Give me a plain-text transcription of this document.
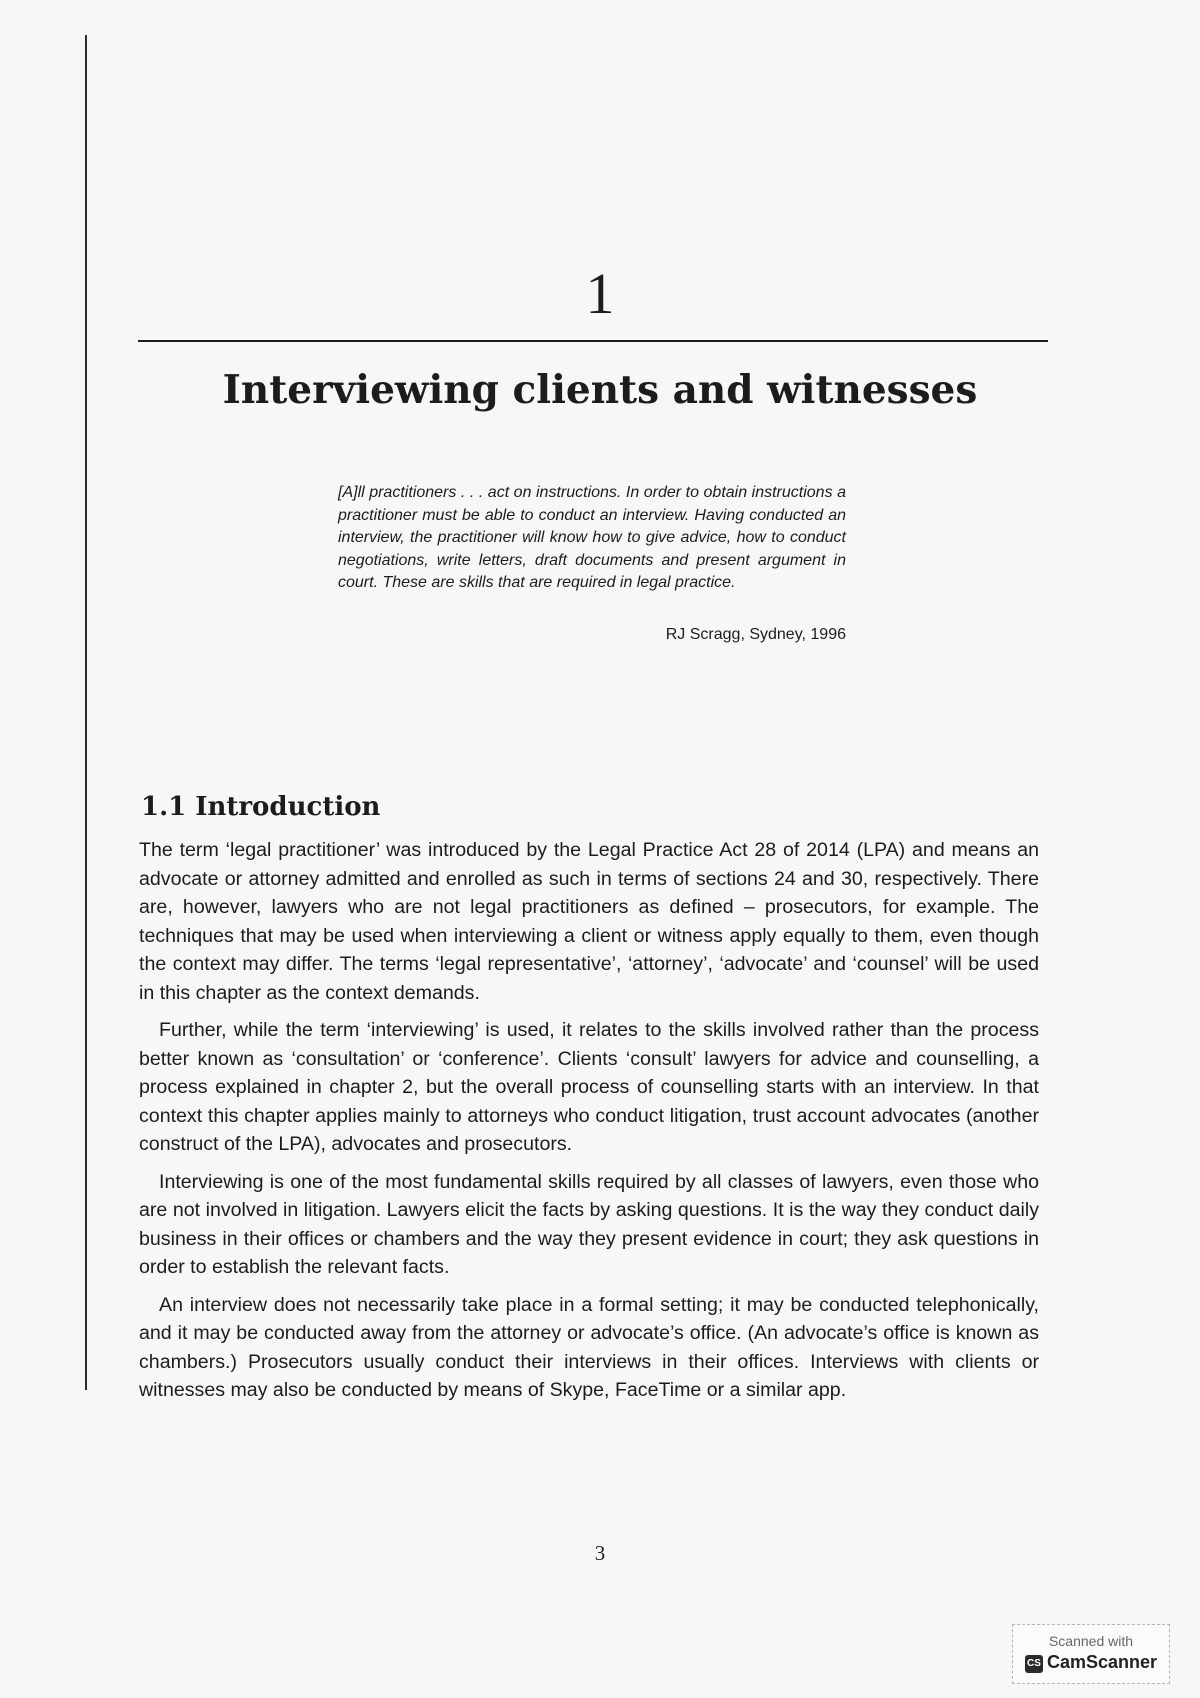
1
Interviewing clients and witnesses
[A]ll practitioners . . . act on instructions. In order to obtain instructions a practitioner must be able to conduct an interview. Having conducted an interview, the practitioner will know how to give advice, how to conduct negotiations, write letters, draft documents and present argument in court. These are skills that are required in legal practice.
RJ Scragg, Sydney, 1996
1.1 Introduction

The term ‘legal practitioner’ was introduced by the Legal Practice Act 28 of 2014 (LPA) and means an advocate or attorney admitted and enrolled as such in terms of sections 24 and 30, respectively. There are, however, lawyers who are not legal practitioners as defined – prosecutors, for example. The techniques that may be used when interviewing a client or witness apply equally to them, even though the context may differ. The terms ‘legal representative’, ‘attorney’, ‘advocate’ and ‘counsel’ will be used in this chapter as the context demands.

Further, while the term ‘interviewing’ is used, it relates to the skills involved rather than the process better known as ‘consultation’ or ‘conference’. Clients ‘consult’ lawyers for advice and counselling, a process explained in chapter 2, but the overall process of counselling starts with an interview. In that context this chapter applies mainly to attorneys who conduct litigation, trust account advocates (another construct of the LPA), advocates and prosecutors.

Interviewing is one of the most fundamental skills required by all classes of lawyers, even those who are not involved in litigation. Lawyers elicit the facts by asking questions. It is the way they conduct daily business in their offices or chambers and the way they present evidence in court; they ask questions in order to establish the relevant facts.

An interview does not necessarily take place in a formal setting; it may be conducted telephonically, and it may be conducted away from the attorney or advocate’s office. (An advocate’s office is known as chambers.) Prosecutors usually conduct their interviews in their offices. Interviews with clients or witnesses may also be conducted by means of Skype, FaceTime or a similar app.

3
Scanned with
CS CamScanner
